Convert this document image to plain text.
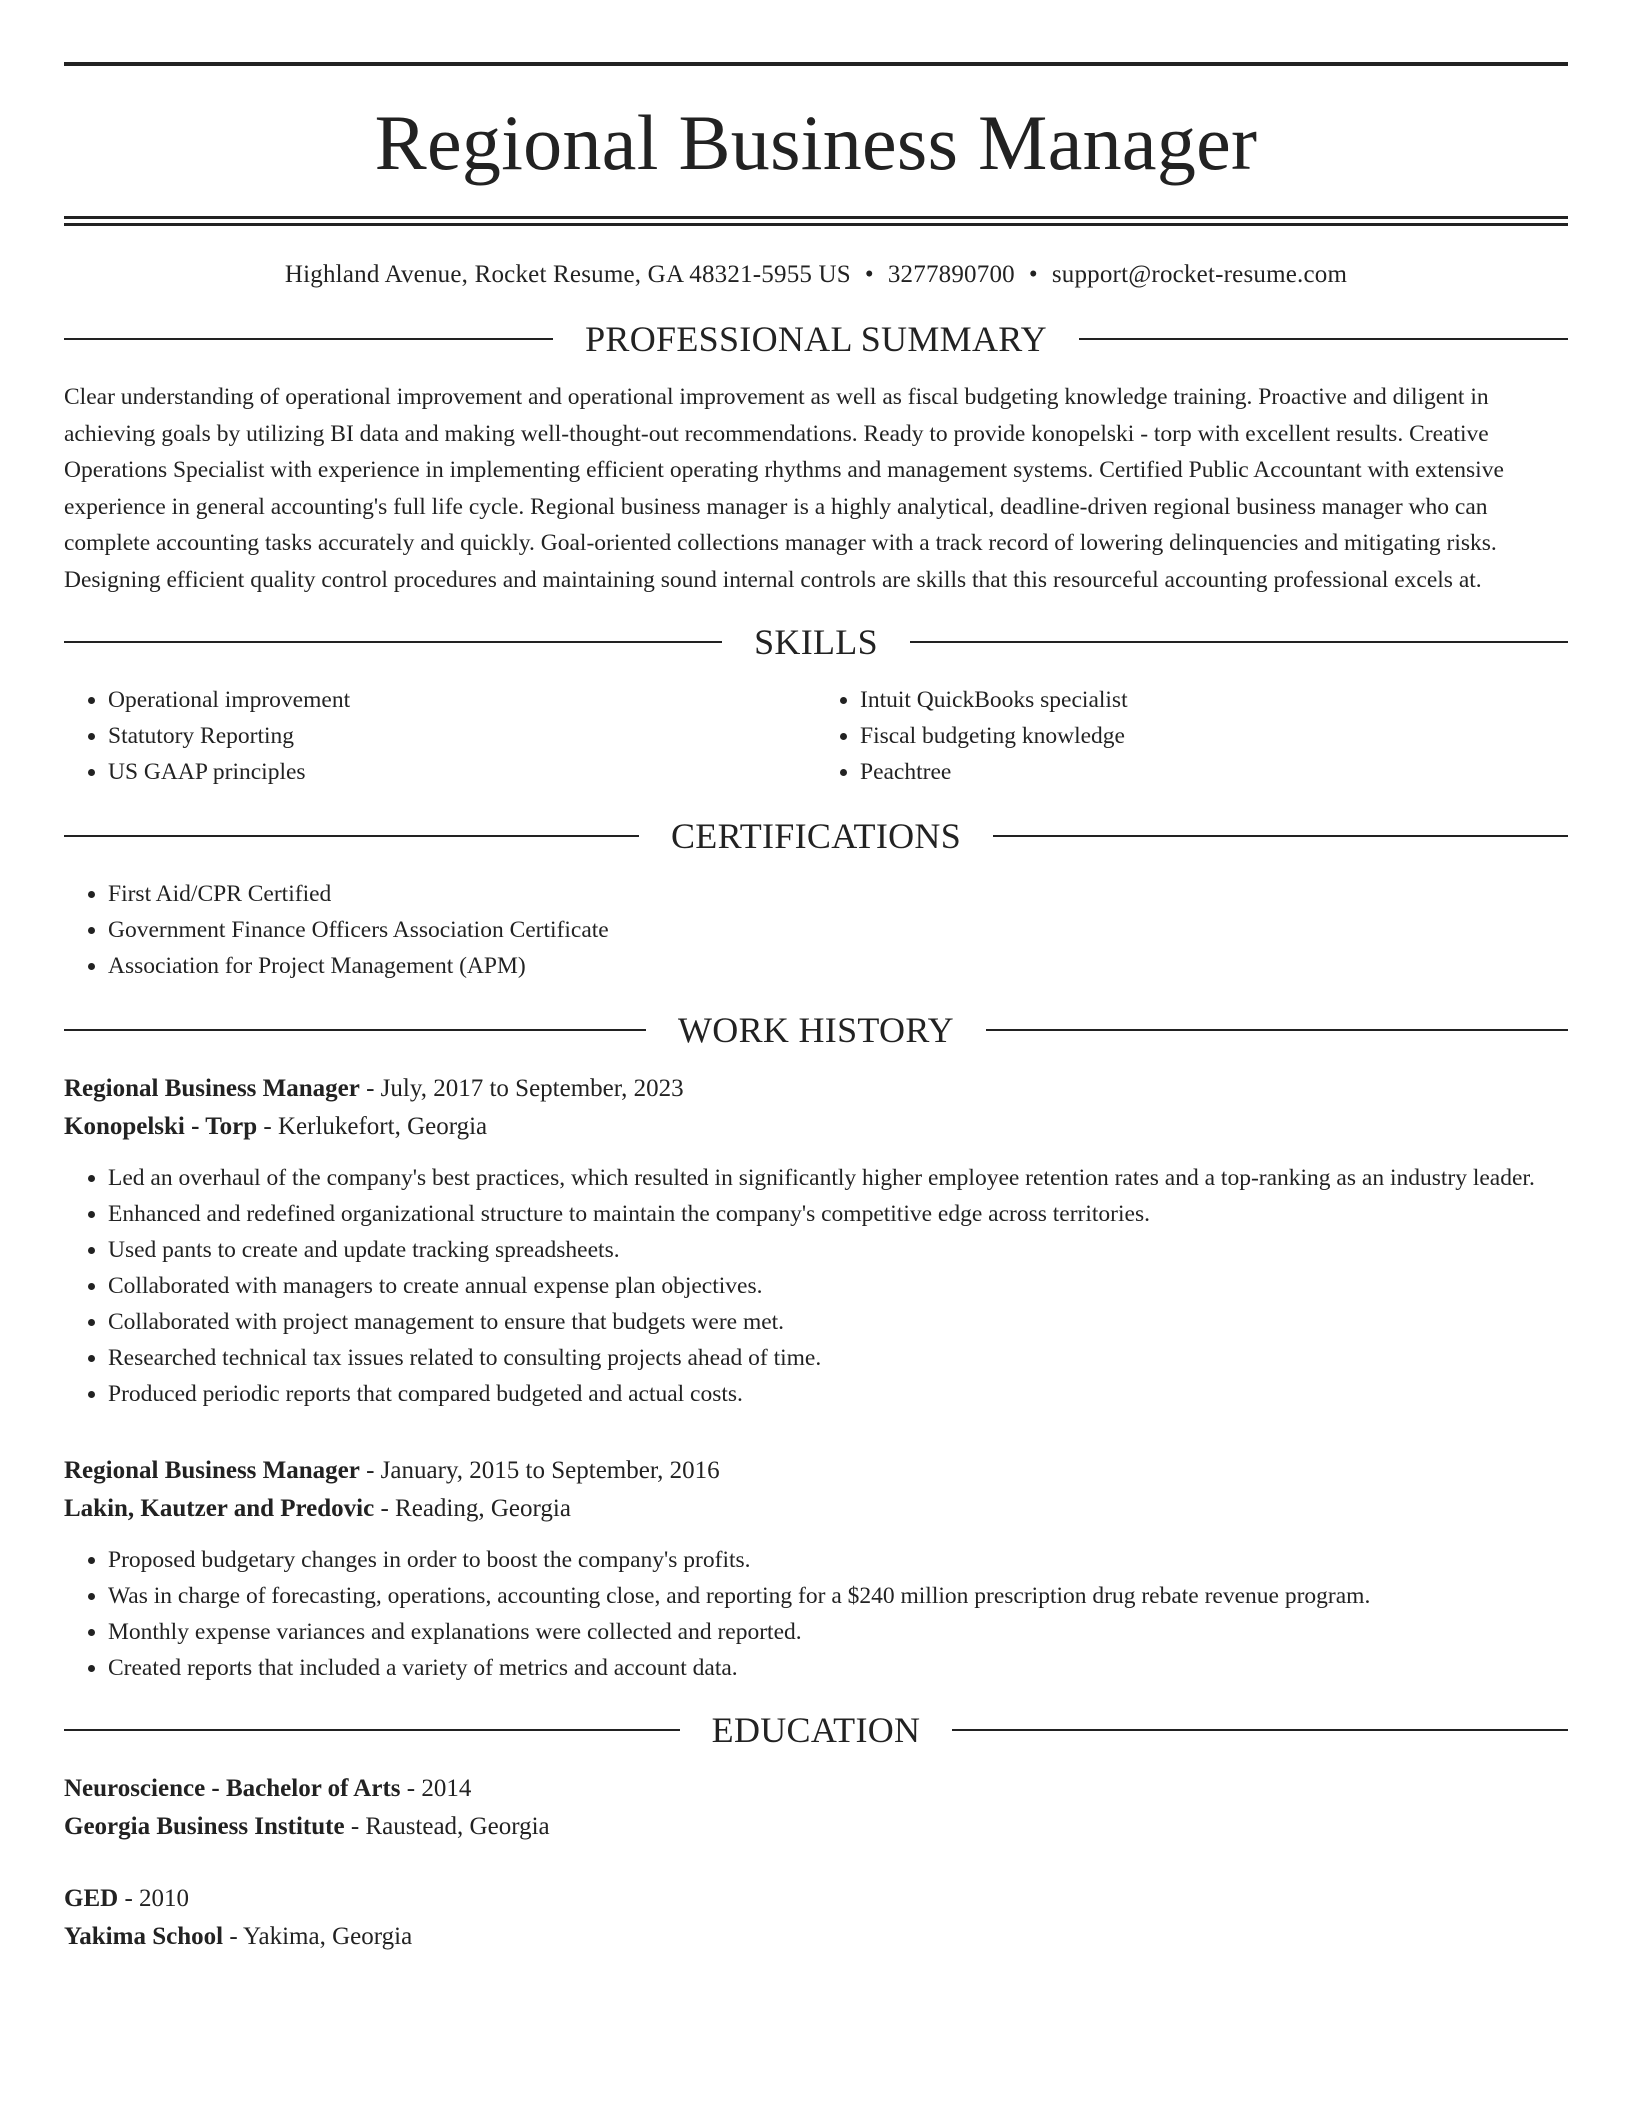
Regional Business Manager
Highland Avenue, Rocket Resume, GA 48321-5955 US • 3277890700 • support@rocket-resume.com
PROFESSIONAL SUMMARY

Clear understanding of operational improvement and operational improvement as well as fiscal budgeting knowledge training. Proactive and diligent in achieving goals by utilizing BI data and making well-thought-out recommendations. Ready to provide konopelski - torp with excellent results. Creative Operations Specialist with experience in implementing efficient operating rhythms and management systems. Certified Public Accountant with extensive experience in general accounting's full life cycle. Regional business manager is a highly analytical, deadline-driven regional business manager who can complete accounting tasks accurately and quickly. Goal-oriented collections manager with a track record of lowering delinquencies and mitigating risks. Designing efficient quality control procedures and maintaining sound internal controls are skills that this resourceful accounting professional excels at.

SKILLS
• Operational improvement
• Statutory Reporting
• US GAAP principles
• Intuit QuickBooks specialist
• Fiscal budgeting knowledge
• Peachtree
CERTIFICATIONS
• First Aid/CPR Certified
• Government Finance Officers Association Certificate
• Association for Project Management (APM)
WORK HISTORY
Regional Business Manager - July, 2017 to September, 2023
Konopelski - Torp - Kerlukefort, Georgia
• Led an overhaul of the company's best practices, which resulted in significantly higher employee retention rates and a top-ranking as an industry leader.
• Enhanced and redefined organizational structure to maintain the company's competitive edge across territories.
• Used pants to create and update tracking spreadsheets.
• Collaborated with managers to create annual expense plan objectives.
• Collaborated with project management to ensure that budgets were met.
• Researched technical tax issues related to consulting projects ahead of time.
• Produced periodic reports that compared budgeted and actual costs.
Regional Business Manager - January, 2015 to September, 2016
Lakin, Kautzer and Predovic - Reading, Georgia
• Proposed budgetary changes in order to boost the company's profits.
• Was in charge of forecasting, operations, accounting close, and reporting for a $240 million prescription drug rebate revenue program.
• Monthly expense variances and explanations were collected and reported.
• Created reports that included a variety of metrics and account data.
EDUCATION
Neuroscience - Bachelor of Arts - 2014
Georgia Business Institute - Raustead, Georgia
GED - 2010
Yakima School - Yakima, Georgia
